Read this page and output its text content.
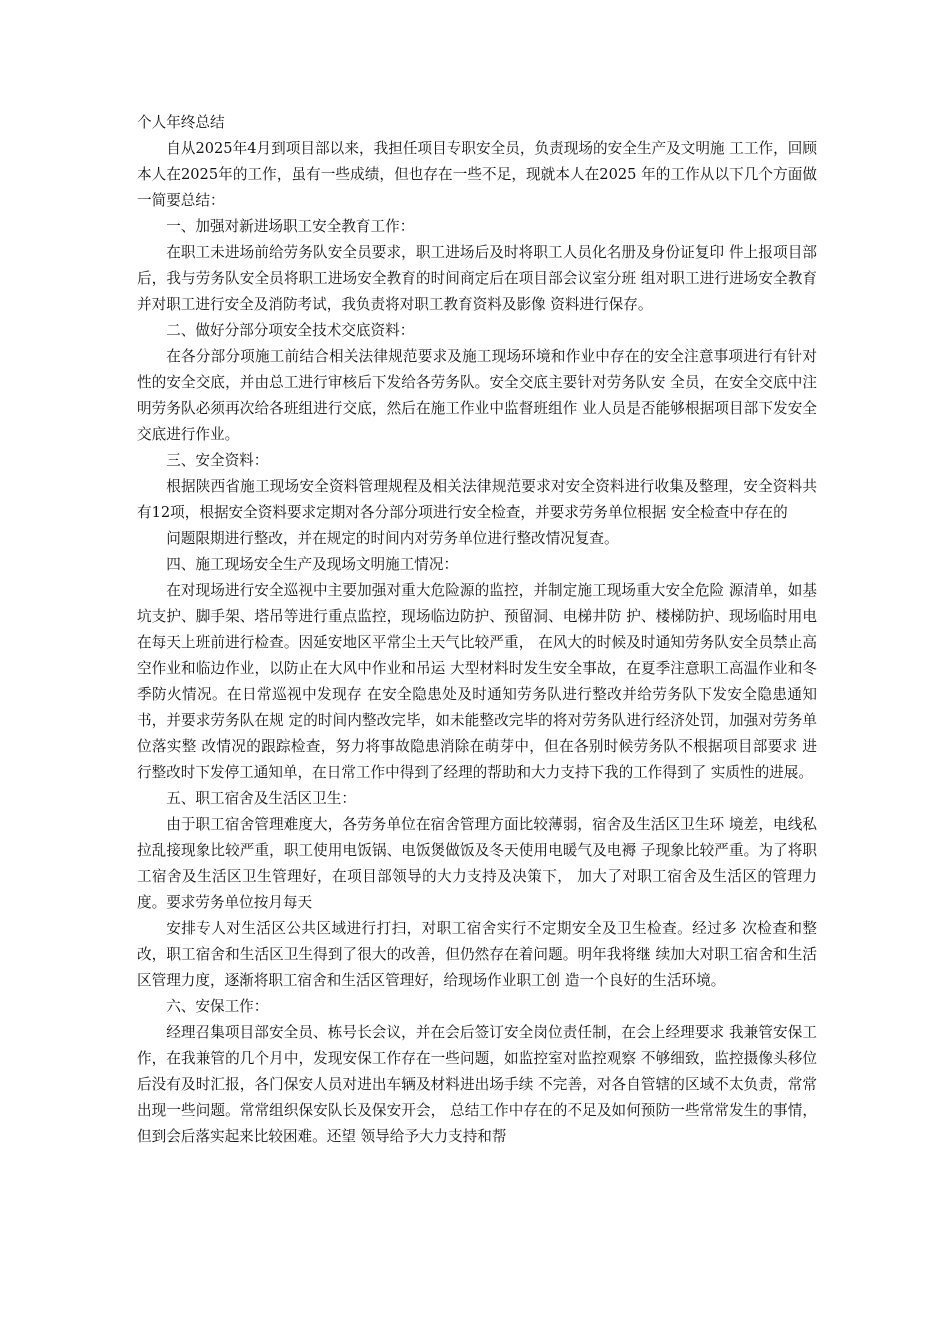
个人年终总结

自从2025年4月到项目部以来，我担任项目专职安全员，负责现场的安全生产及文明施 工工作，回顾本人在2025年的工作，虽有一些成绩，但也存在一些不足，现就本人在2025 年的工作从以下几个方面做一简要总结：

一、加强对新进场职工安全教育工作：

在职工未进场前给劳务队安全员要求，职工进场后及时将职工人员化名册及身份证复印 件上报项目部后，我与劳务队安全员将职工进场安全教育的时间商定后在项目部会议室分班 组对职工进行进场安全教育并对职工进行安全及消防考试，我负责将对职工教育资料及影像 资料进行保存。

二、做好分部分项安全技术交底资料：

在各分部分项施工前结合相关法律规范要求及施工现场环境和作业中存在的安全注意事项进行有针对性的安全交底，并由总工进行审核后下发给各劳务队。安全交底主要针对劳务队安 全员，在安全交底中注明劳务队必须再次给各班组进行交底，然后在施工作业中监督班组作 业人员是否能够根据项目部下发安全交底进行作业。

三、安全资料：

根据陕西省施工现场安全资料管理规程及相关法律规范要求对安全资料进行收集及整理，安全资料共有12项，根据安全资料要求定期对各分部分项进行安全检查，并要求劳务单位根据 安全检查中存在的

问题限期进行整改，并在规定的时间内对劳务单位进行整改情况复查。

四、施工现场安全生产及现场文明施工情况：

在对现场进行安全巡视中主要加强对重大危险源的监控，并制定施工现场重大安全危险 源清单，如基坑支护、脚手架、塔吊等进行重点监控，现场临边防护、预留洞、电梯井防 护、楼梯防护、现场临时用电在每天上班前进行检查。因延安地区平常尘土天气比较严重， 在风大的时候及时通知劳务队安全员禁止高空作业和临边作业，以防止在大风中作业和吊运 大型材料时发生安全事故，在夏季注意职工高温作业和冬季防火情况。在日常巡视中发现存 在安全隐患处及时通知劳务队进行整改并给劳务队下发安全隐患通知书，并要求劳务队在规 定的时间内整改完毕，如未能整改完毕的将对劳务队进行经济处罚，加强对劳务单位落实整 改情况的跟踪检查，努力将事故隐患消除在萌芽中，但在各别时候劳务队不根据项目部要求 进行整改时下发停工通知单，在日常工作中得到了经理的帮助和大力支持下我的工作得到了 实质性的进展。

五、职工宿舍及生活区卫生：

由于职工宿舍管理难度大，各劳务单位在宿舍管理方面比较薄弱，宿舍及生活区卫生环 境差，电线私拉乱接现象比较严重，职工使用电饭锅、电饭煲做饭及冬天使用电暖气及电褥 子现象比较严重。为了将职工宿舍及生活区卫生管理好，在项目部领导的大力支持及决策下， 加大了对职工宿舍及生活区的管理力度。要求劳务单位按月每天

安排专人对生活区公共区域进行打扫，对职工宿舍实行不定期安全及卫生检查。经过多 次检查和整改，职工宿舍和生活区卫生得到了很大的改善，但仍然存在着问题。明年我将继 续加大对职工宿舍和生活区管理力度，逐渐将职工宿舍和生活区管理好，给现场作业职工创 造一个良好的生活环境。

六、安保工作：

经理召集项目部安全员、栋号长会议，并在会后签订安全岗位责任制，在会上经理要求 我兼管安保工作，在我兼管的几个月中，发现安保工作存在一些问题，如监控室对监控观察 不够细致，监控摄像头移位后没有及时汇报，各门保安人员对进出车辆及材料进出场手续 不完善，对各自管辖的区域不太负责，常常出现一些问题。常常组织保安队长及保安开会， 总结工作中存在的不足及如何预防一些常常发生的事情，但到会后落实起来比较困难。还望 领导给予大力支持和帮
